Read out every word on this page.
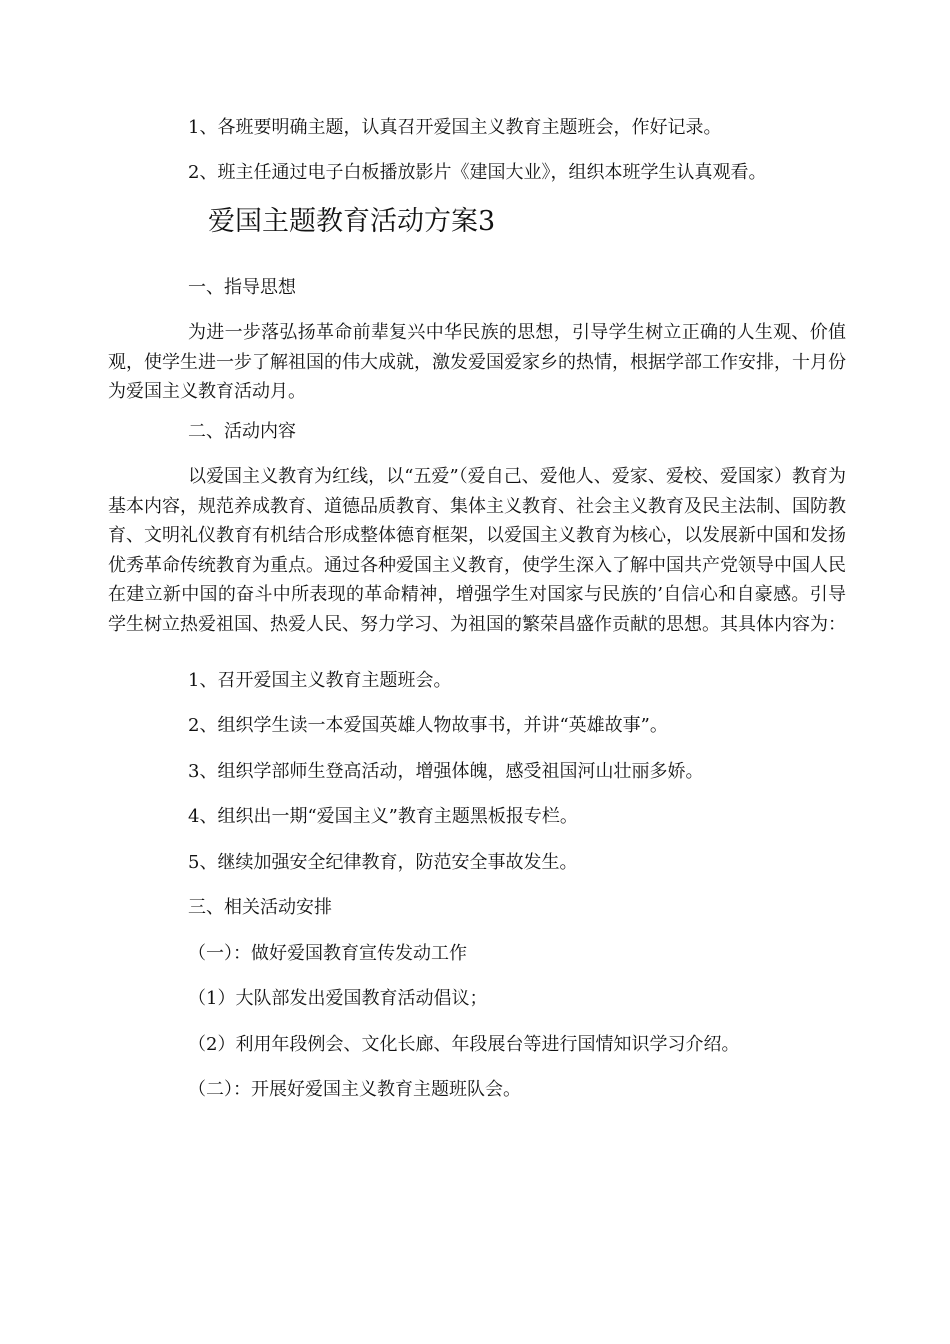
1、各班要明确主题，认真召开爱国主义教育主题班会，作好记录。

2、班主任通过电子白板播放影片《建国大业》，组织本班学生认真观看。

爱国主题教育活动方案3

一、指导思想

为进一步落弘扬革命前辈复兴中华民族的思想，引导学生树立正确的人生观、价值观，使学生进一步了解祖国的伟大成就，激发爱国爱家乡的热情，根据学部工作安排，十月份为爱国主义教育活动月。

二、活动内容

以爱国主义教育为红线，以“五爱”（爱自己、爱他人、爱家、爱校、爱国家）教育为基本内容，规范养成教育、道德品质教育、集体主义教育、社会主义教育及民主法制、国防教育、文明礼仪教育有机结合形成整体德育框架，以爱国主义教育为核心，以发展新中国和发扬优秀革命传统教育为重点。通过各种爱国主义教育，使学生深入了解中国共产党领导中国人民在建立新中国的奋斗中所表现的革命精神，增强学生对国家与民族的’自信心和自豪感。引导学生树立热爱祖国、热爱人民、努力学习、为祖国的繁荣昌盛作贡献的思想。其具体内容为：

1、召开爱国主义教育主题班会。

2、组织学生读一本爱国英雄人物故事书，并讲“英雄故事”。

3、组织学部师生登高活动，增强体魄，感受祖国河山壮丽多娇。

4、组织出一期“爱国主义”教育主题黑板报专栏。

5、继续加强安全纪律教育，防范安全事故发生。

三、相关活动安排

（一）：做好爱国教育宣传发动工作

（1）大队部发出爱国教育活动倡议；

（2）利用年段例会、文化长廊、年段展台等进行国情知识学习介绍。

（二）：开展好爱国主义教育主题班队会。
